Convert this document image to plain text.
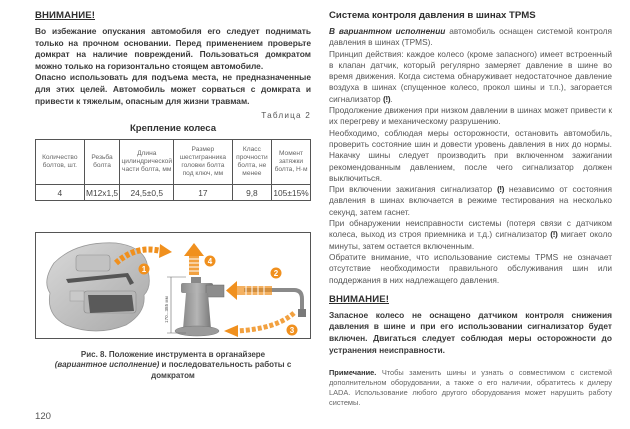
ВНИМАНИЕ!

Во избежание опускания автомобиля его следует поднимать только на прочном основании. Перед применением проверьте домкрат на наличие повреждений. Пользоваться домкратом можно только на горизонтально стоящем автомобиле.

Опасно использовать для подъема места, не предназначенные для этих целей. Автомобиль может сорваться с домкрата и привести к тяжелым, опасным для жизни травмам.

Таблица 2
Крепление колеса
Количество болтов, шт.	Резьба болта	Длина цилиндрической части болта, мм	Размер шестигранника головки болта под ключ, мм	Класс прочности болта, не менее	Момент затяжки болта, Н·м
4	M12x1,5	24,5±0,5	17	9,8	105±15%
1
4
170...385 мм
2
3
Рис. 8. Положение инструмента в органайзере
(вариантное исполнение) и последовательность работы с домкратом
120
Система контроля давления в шинах TPMS

В вариантном исполнении автомобиль оснащен системой контроля давления в шинах (TPMS).

Принцип действия: каждое колесо (кроме запасного) имеет встроенный в клапан датчик, который регулярно замеряет давление в шине во время движения. Когда система обнаруживает недостаточное давление воздуха в шинах (спущенное колесо, прокол шины и т.п.), загорается сигнализатор (!).

Продолжение движения при низком давлении в шинах может привести к их перегреву и механическому разрушению.

Необходимо, соблюдая меры осторожности, остановить автомобиль, проверить состояние шин и довести уровень давления в них до нормы. Накачку шины следует производить при включенном зажигании рекомендованным давлением, после чего сигнализатор должен выключиться.

При включении зажигания сигнализатор (!) независимо от состояния давления в шинах включается в режиме тестирования на несколько секунд, затем гаснет.

При обнаружении неисправности системы (потеря связи с датчиком колеса, выход из строя приемника и т.д.) сигнализатор (!) мигает около минуты, затем остается включенным.

Обратите внимание, что использование системы TPMS не означает отсутствие необходимости правильного обслуживания шин или поддержания в них надлежащего давления.

ВНИМАНИЕ!
Запасное колесо не оснащено датчиком контроля снижения давления в шине и при его использовании сигнализатор будет включен. Двигаться следует соблюдая меры осторожности до устранения неисправности.
Примечание. Чтобы заменить шины и узнать о совместимом с системой дополнительном оборудовании, а также о его наличии, обратитесь к дилеру LADA. Использование любого другого оборудования может нарушить работу системы.
